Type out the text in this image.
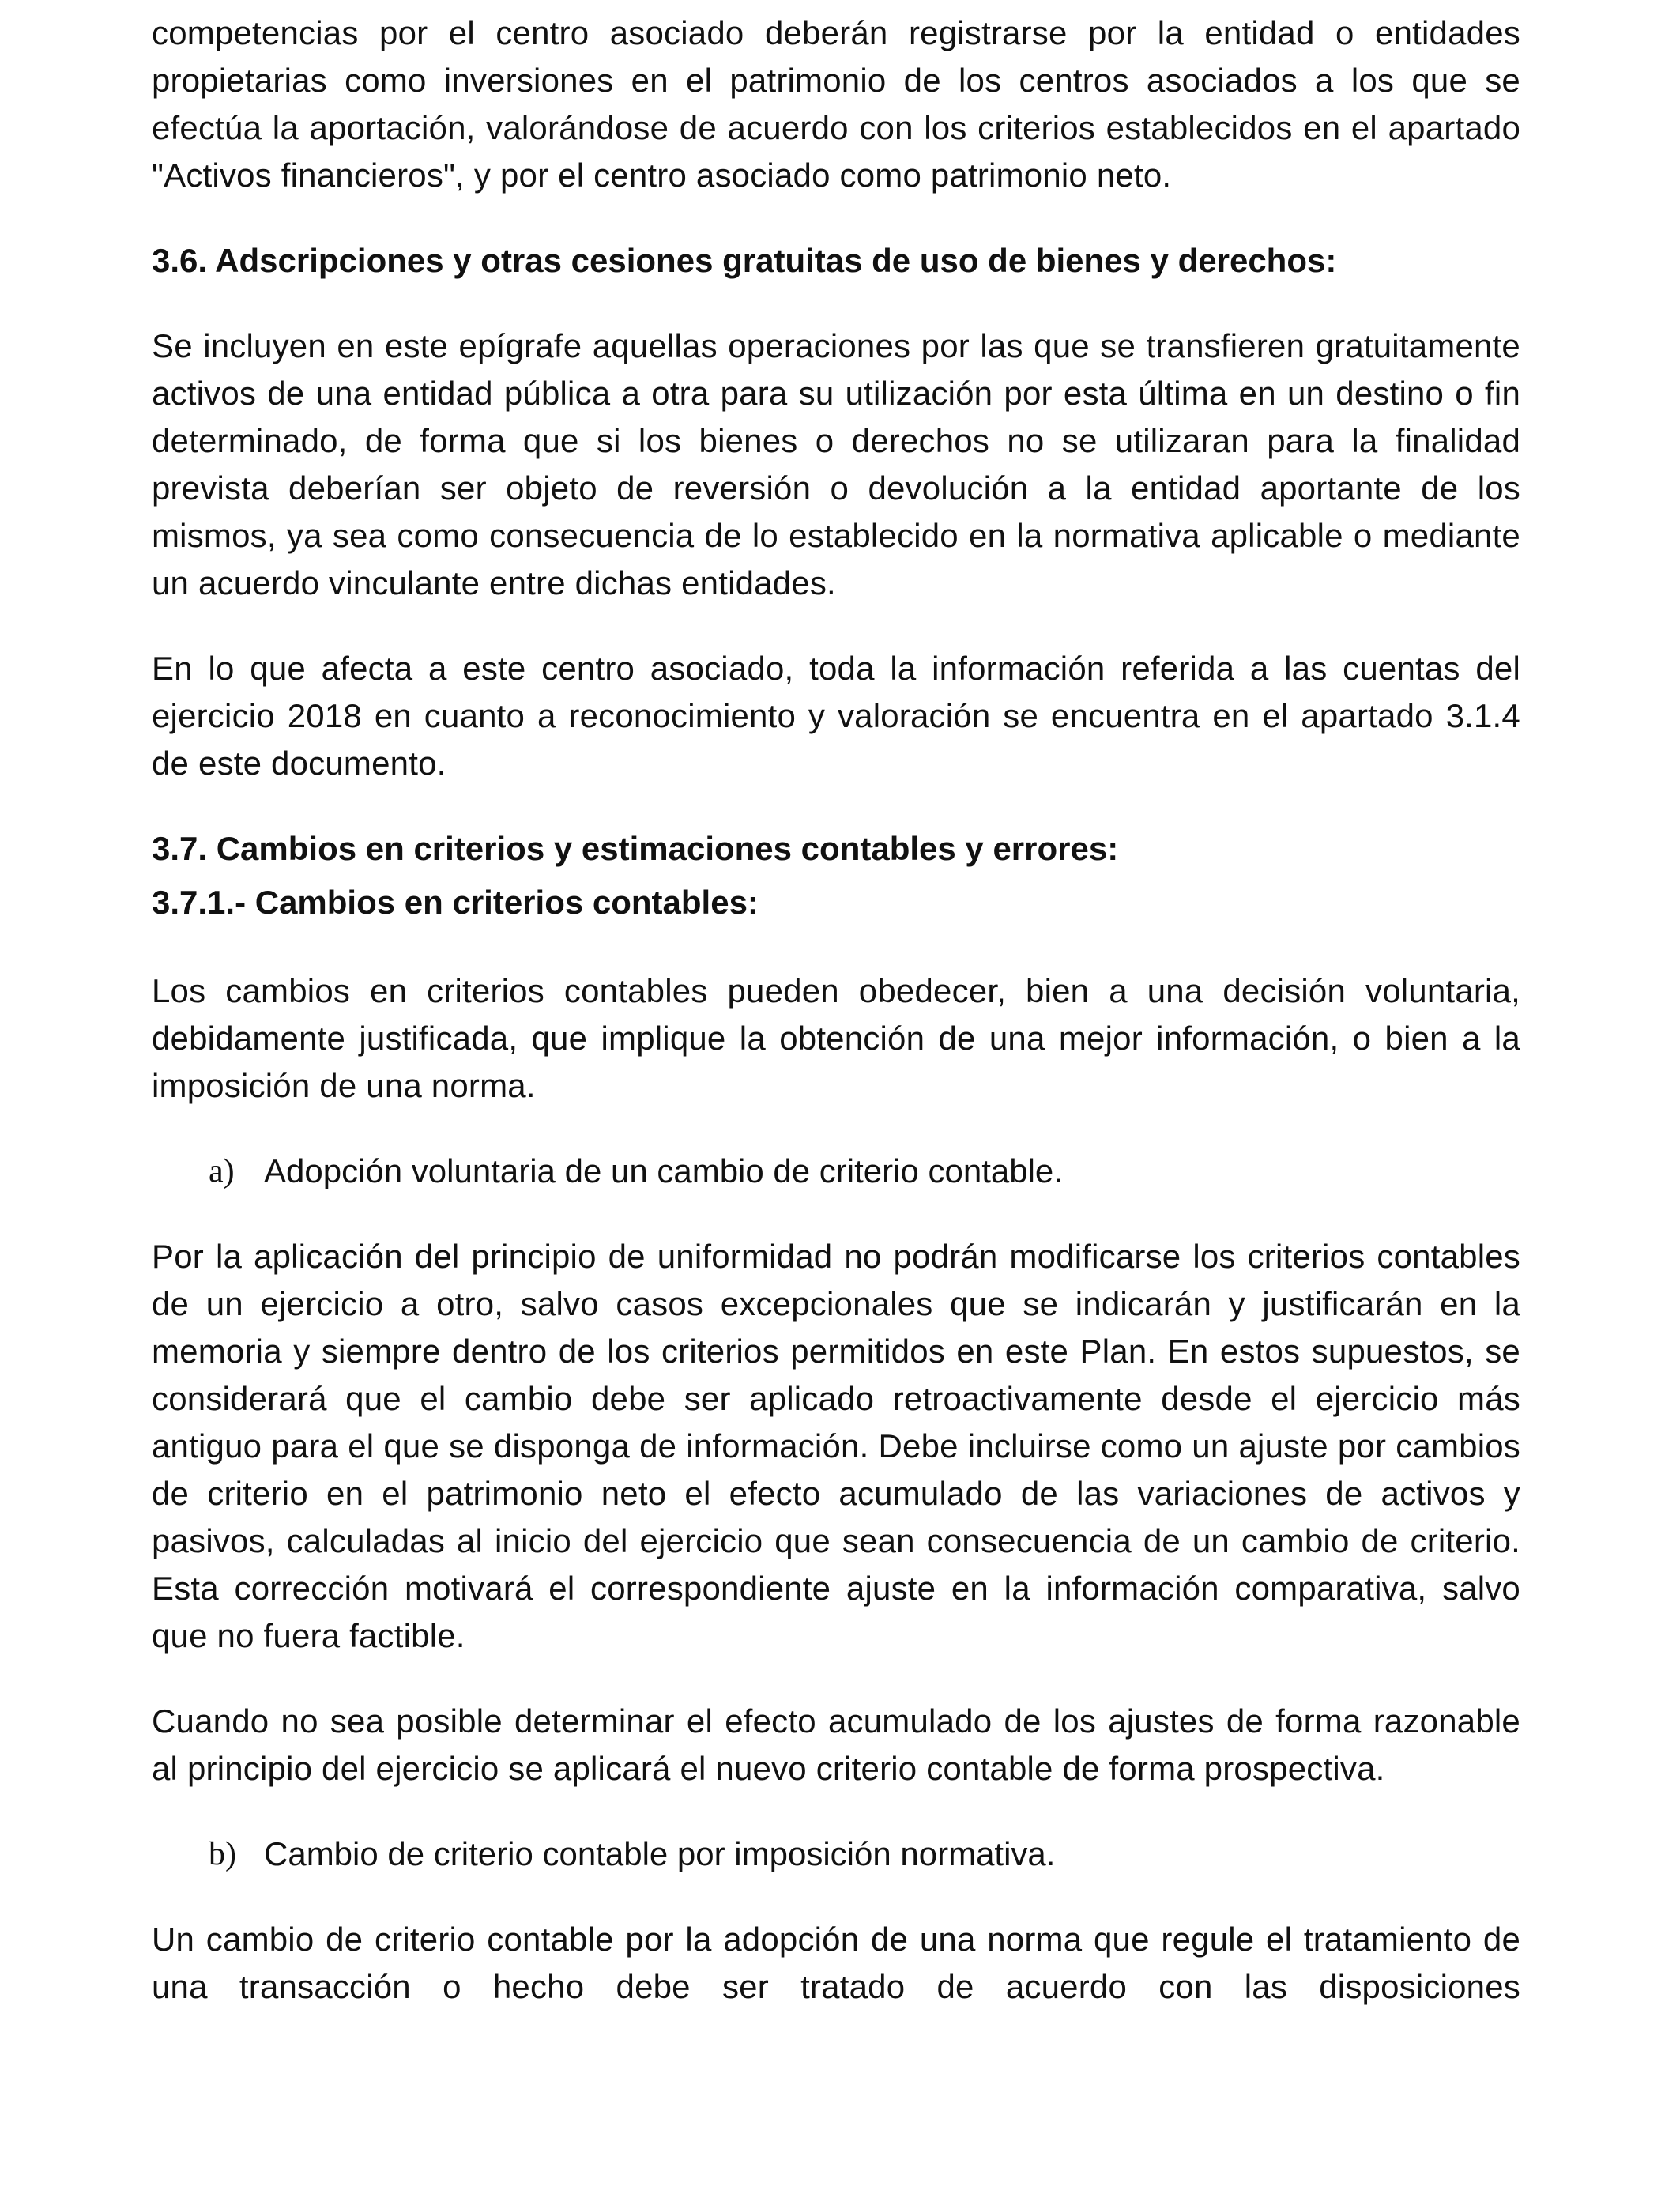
competencias por el centro asociado deberán registrarse por la entidad o entidades propietarias como inversiones en el patrimonio de los centros asociados a los que se efectúa la aportación, valorándose de acuerdo con los criterios establecidos en el apartado "Activos financieros", y por el centro asociado como patrimonio neto.

3.6. Adscripciones y otras cesiones gratuitas de uso de bienes y derechos:

Se incluyen en este epígrafe aquellas operaciones por las que se transfieren gratuitamente activos de una entidad pública a otra para su utilización por esta última en un destino o fin determinado, de forma que si los bienes o derechos no se utilizaran para la finalidad prevista deberían ser objeto de reversión o devolución a la entidad aportante de los mismos, ya sea como consecuencia de lo establecido en la normativa aplicable o mediante un acuerdo vinculante entre dichas entidades.

En lo que afecta a este centro asociado, toda la información referida a las cuentas del ejercicio 2018 en cuanto a reconocimiento y valoración se encuentra en el apartado 3.1.4 de este documento.

3.7. Cambios en criterios y estimaciones contables y errores:
3.7.1.- Cambios en criterios contables:

Los cambios en criterios contables pueden obedecer, bien a una decisión voluntaria, debidamente justificada, que implique la obtención de una mejor información, o bien a la imposición de una norma.

a) Adopción voluntaria de un cambio de criterio contable.

Por la aplicación del principio de uniformidad no podrán modificarse los criterios contables de un ejercicio a otro, salvo casos excepcionales que se indicarán y justificarán en la memoria y siempre dentro de los criterios permitidos en este Plan. En estos supuestos, se considerará que el cambio debe ser aplicado retroactivamente desde el ejercicio más antiguo para el que se disponga de información. Debe incluirse como un ajuste por cambios de criterio en el patrimonio neto el efecto acumulado de las variaciones de activos y pasivos, calculadas al inicio del ejercicio que sean consecuencia de un cambio de criterio. Esta corrección motivará el correspondiente ajuste en la información comparativa, salvo que no fuera factible.

Cuando no sea posible determinar el efecto acumulado de los ajustes de forma razonable al principio del ejercicio se aplicará el nuevo criterio contable de forma prospectiva.

b) Cambio de criterio contable por imposición normativa.

Un cambio de criterio contable por la adopción de una norma que regule el tratamiento de una transacción o hecho debe ser tratado de acuerdo con las disposiciones
